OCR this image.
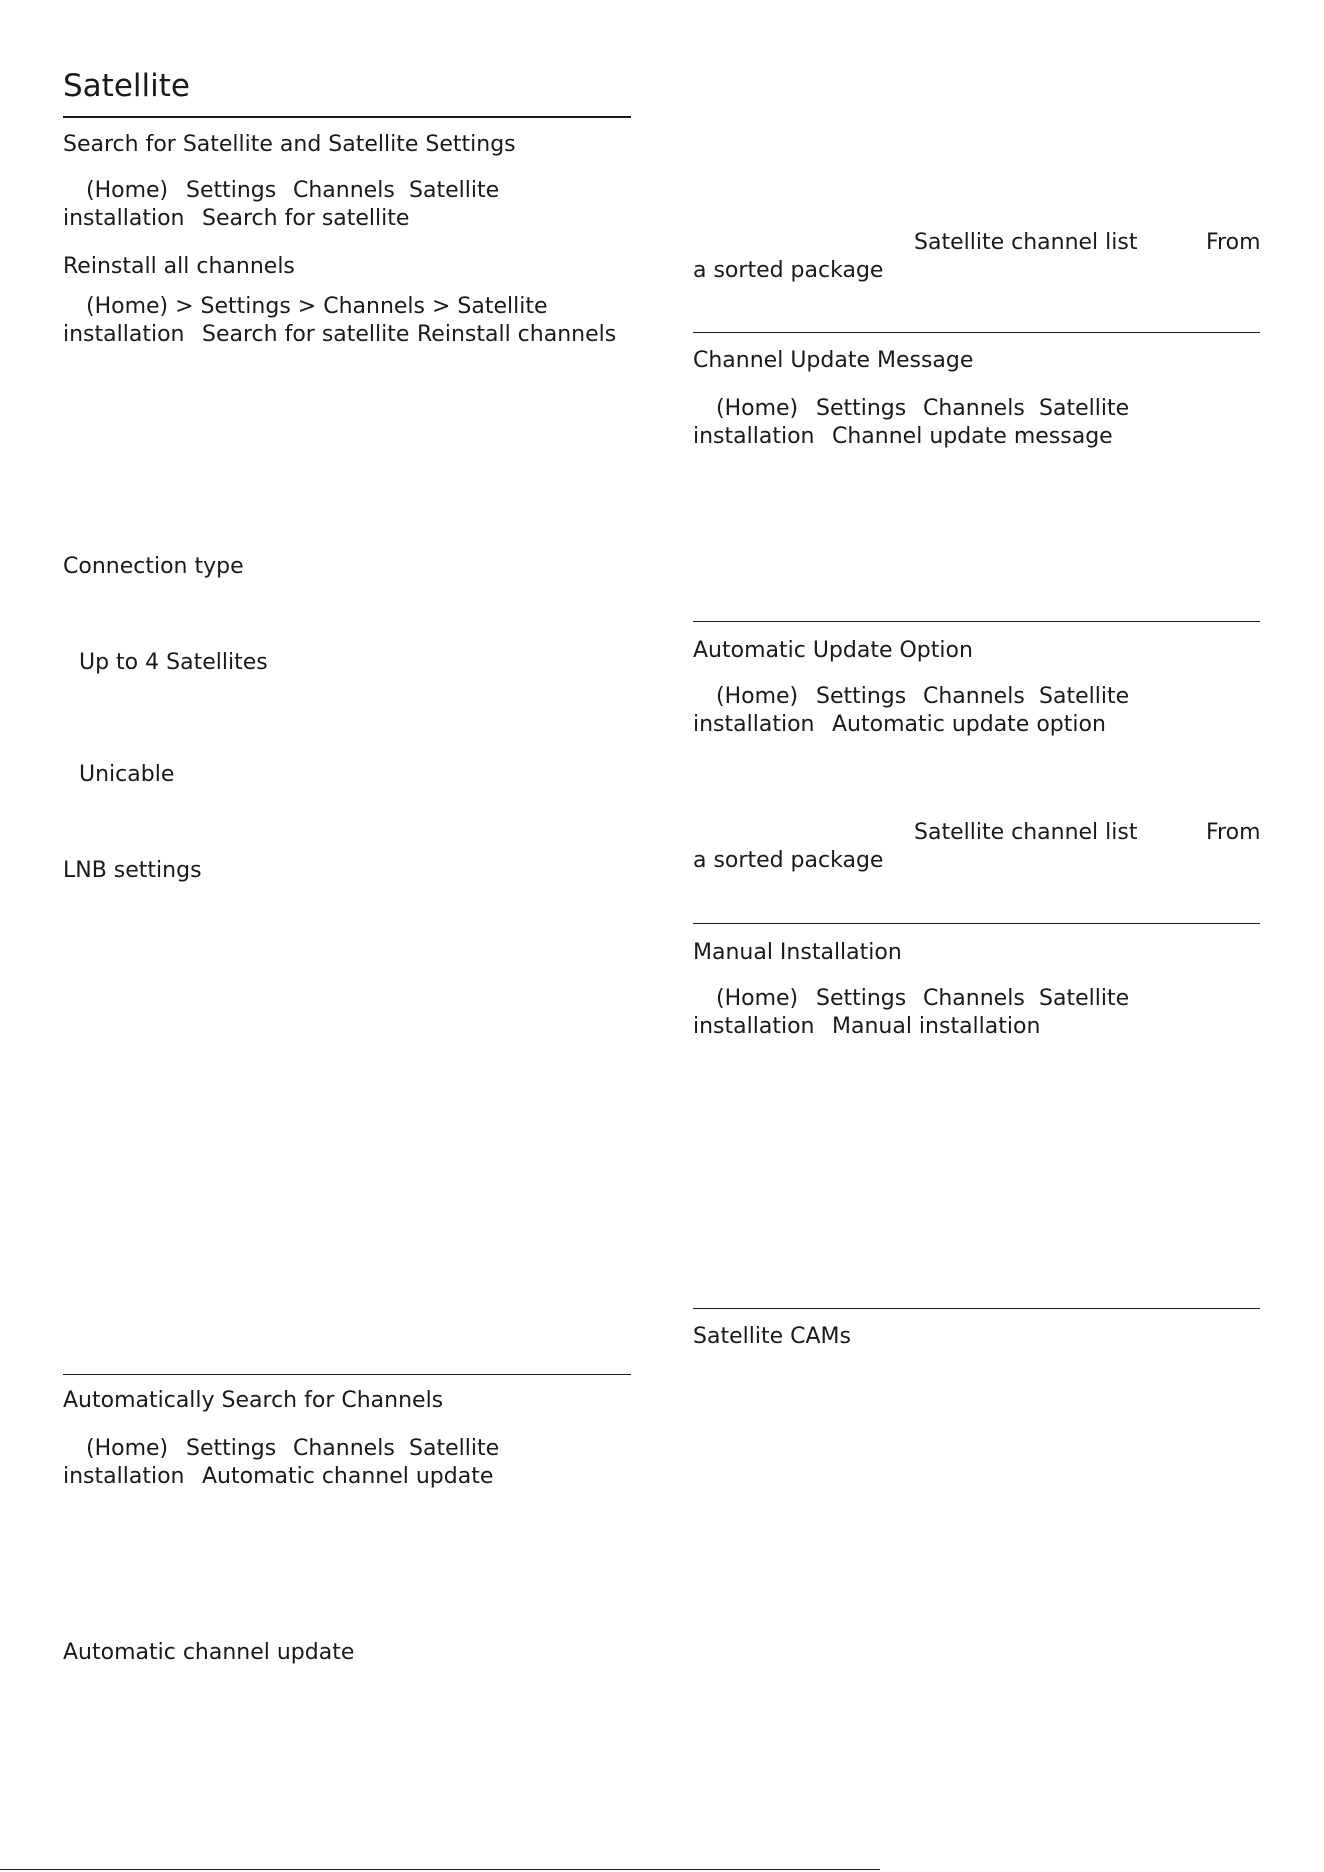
Satellite
Search for Satellite and Satellite Settings
(Home) Settings Channels Satellite
installation Search for satellite
Reinstall all channels
(Home) > Settings > Channels > Satellite
installation Search for satellite Reinstall channels
Connection type
Up to 4 Satellites
Unicable
LNB settings
Automatically Search for Channels
(Home) Settings Channels Satellite
installation Automatic channel update
Automatic channel update
Satellite channel list	From
a sorted package
Channel Update Message
(Home) Settings Channels Satellite
installation Channel update message
Automatic Update Option
(Home) Settings Channels Satellite
installation Automatic update option
Satellite channel list	From
a sorted package
Manual Installation
(Home) Settings Channels Satellite
installation Manual installation
Satellite CAMs
